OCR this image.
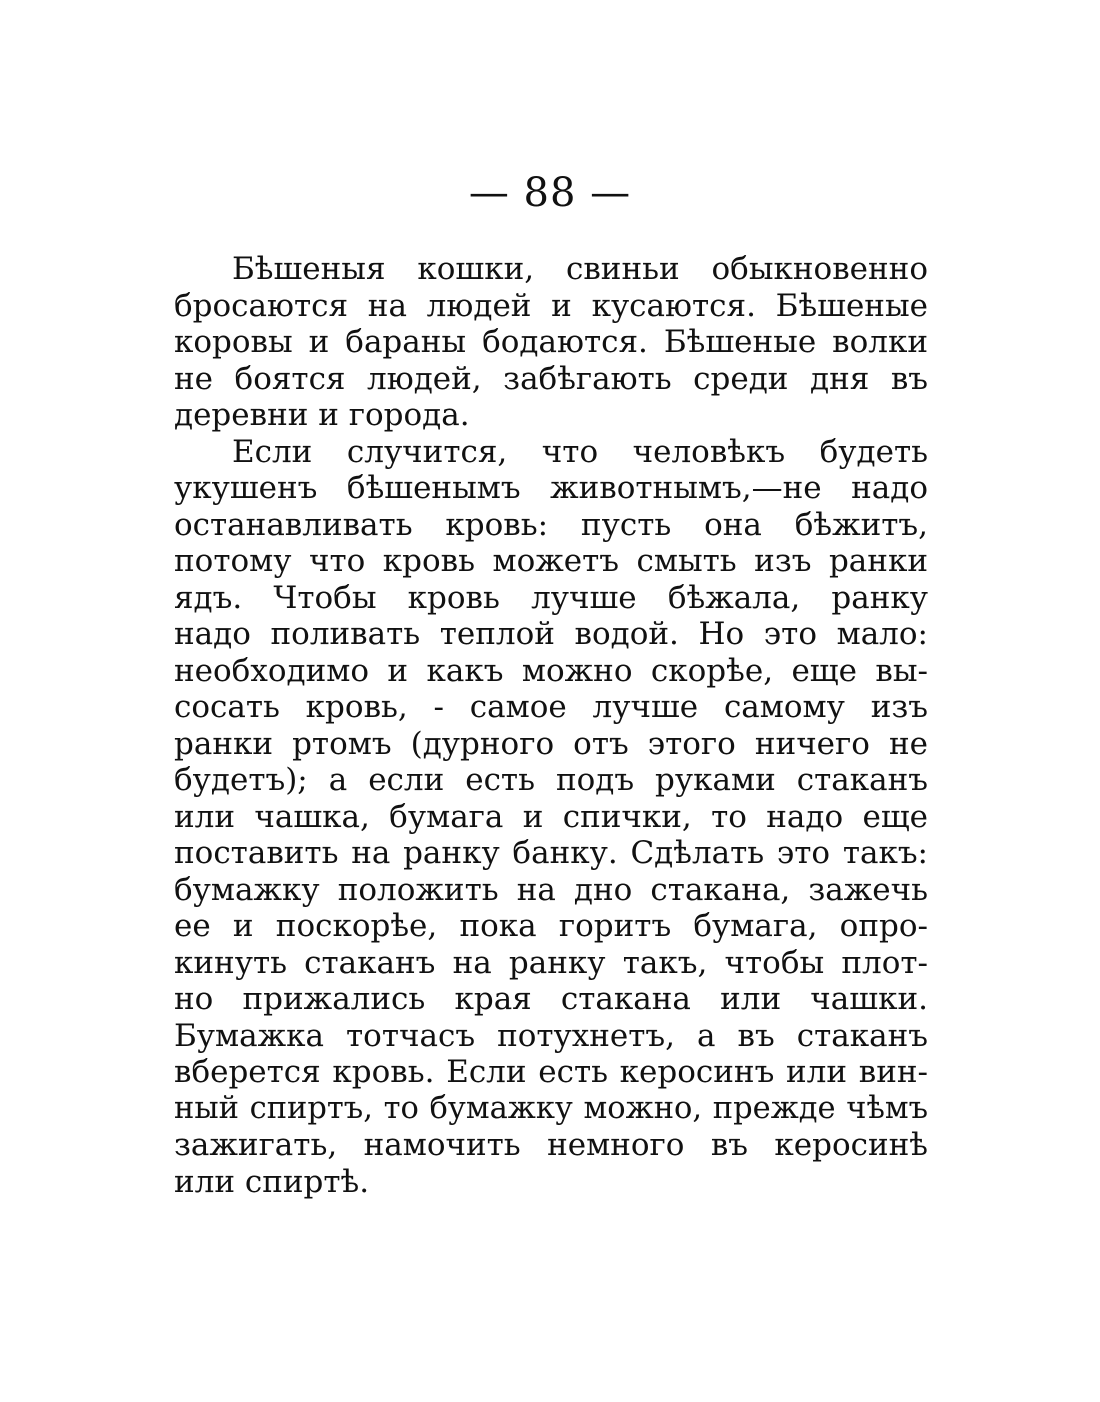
— 88 —
Бѣшеныя кошки, свиньи обыкновенно
бросаются на людей и кусаются. Бѣшеные
коровы и бараны бодаются. Бѣшеные волки
не боятся людей, забѣгають среди дня въ
деревни и города.
Если случится, что человѣкъ будеть
укушенъ бѣшенымъ животнымъ,—не надо
останавливать кровь: пусть она бѣжитъ,
потому что кровь можетъ смыть изъ ранки
ядъ. Чтобы кровь лучше бѣжала, ранку
надо поливать теплой водой. Но это мало:
необходимо и какъ можно скорѣе, еще вы-
сосать кровь, - самое лучше самому изъ
ранки ртомъ (дурного отъ этого ничего не
будетъ); а если есть подъ руками стаканъ
или чашка, бумага и спички, то надо еще
поставить на ранку банку. Сдѣлать это такъ:
бумажку положить на дно стакана, зажечь
ее и поскорѣе, пока горитъ бумага, опро-
кинуть стаканъ на ранку такъ, чтобы плот-
но прижались края стакана или чашки.
Бумажка тотчасъ потухнетъ, а въ стаканъ
вберется кровь. Если есть керосинъ или вин-
ный спиртъ, то бумажку можно, прежде чѣмъ
зажигать, намочить немного въ керосинѣ
или спиртѣ.
